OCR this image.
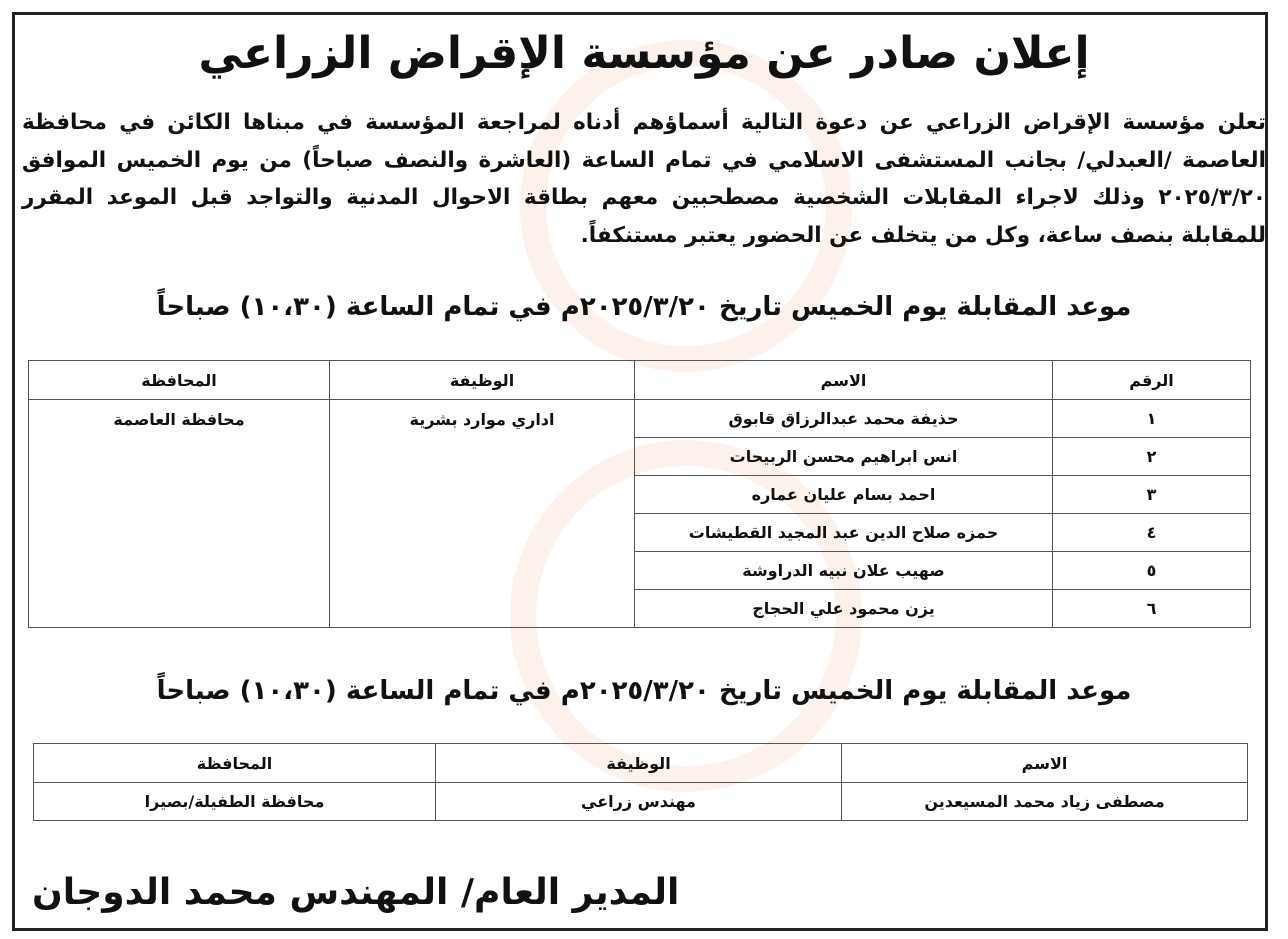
إعلان صادر عن مؤسسة الإقراض الزراعي
تعلن مؤسسة الإقراض الزراعي عن دعوة التالية أسماؤهم أدناه لمراجعة المؤسسة في مبناها الكائن في محافظة العاصمة /العبدلي/ بجانب المستشفى الاسلامي في تمام الساعة (العاشرة والنصف صباحاً) من يوم الخميس الموافق ٢٠٢٥/٣/٢٠ وذلك لاجراء المقابلات الشخصية مصطحبين معهم بطاقة الاحوال المدنية والتواجد قبل الموعد المقرر للمقابلة بنصف ساعة، وكل من يتخلف عن الحضور يعتبر مستنكفاً.
موعد المقابلة يوم الخميس تاريخ ٢٠٢٥/٣/٢٠م في تمام الساعة (١٠،٣٠) صباحاً
الرقم	الاسم	الوظيفة	المحافظة
١	حذيفة محمد عبدالرزاق قابوق	اداري موارد بشرية	محافظة العاصمة
٢	انس ابراهيم محسن الربيحات		
٣	احمد بسام عليان عماره		
٤	حمزه صلاح الدين عبد المجيد القطيشات		
٥	صهيب علان نبيه الدراوشة		
٦	يزن محمود علي الحجاج		
موعد المقابلة يوم الخميس تاريخ ٢٠٢٥/٣/٢٠م في تمام الساعة (١٠،٣٠) صباحاً
الاسم	الوظيفة	المحافظة
مصطفى زياد محمد المسيعدين	مهندس زراعي	محافظة الطفيلة/بصيرا
المدير العام/ المهندس محمد الدوجان
